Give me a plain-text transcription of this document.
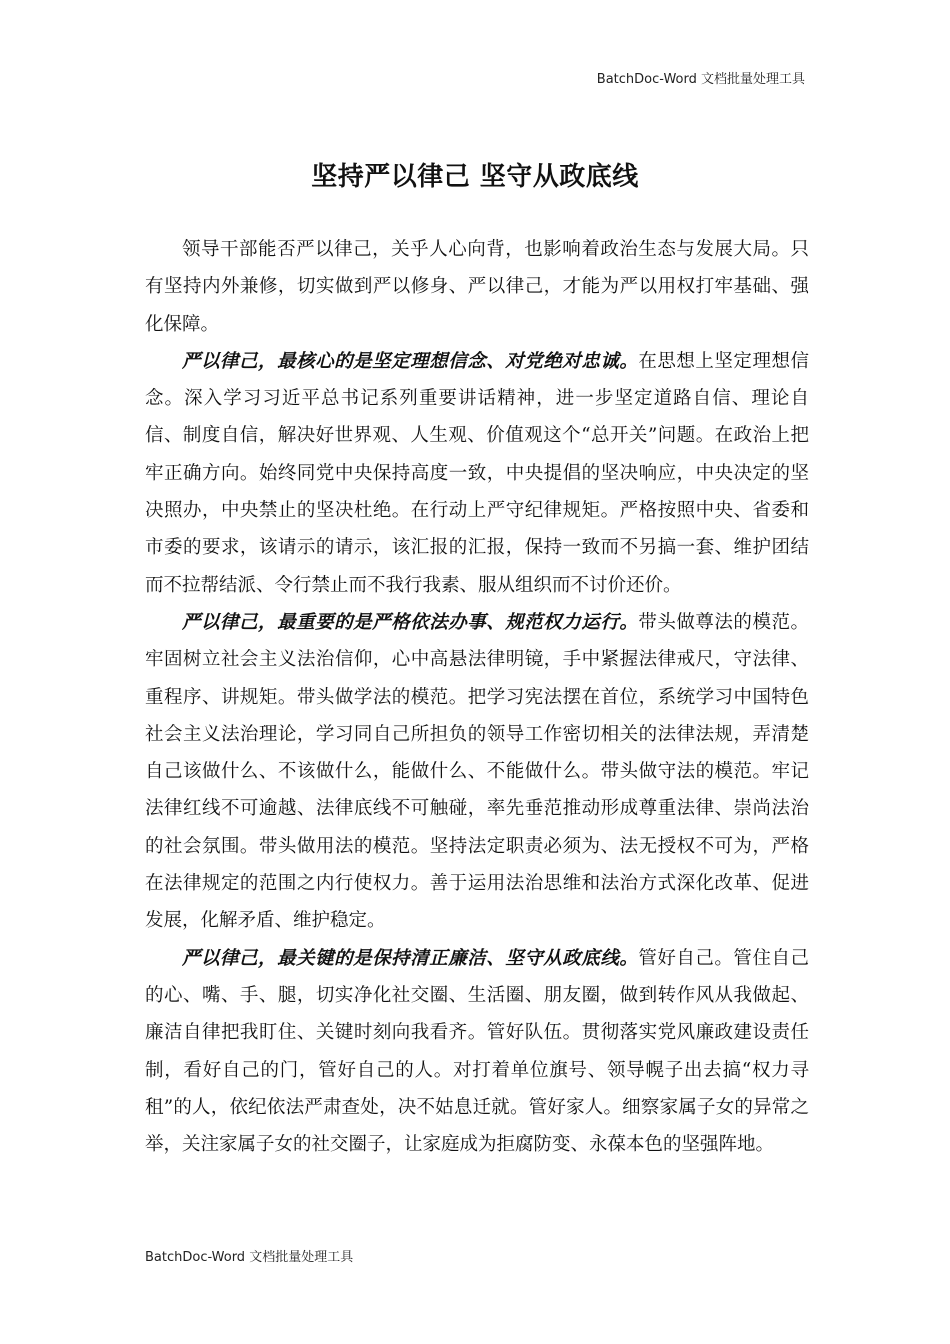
BatchDoc-Word 文档批量处理工具
坚持严以律己 坚守从政底线

领导干部能否严以律己，关乎人心向背，也影响着政治生态与发展大局。只有坚持内外兼修，切实做到严以修身、严以律己，才能为严以用权打牢基础、强化保障。

严以律己，最核心的是坚定理想信念、对党绝对忠诚。在思想上坚定理想信念。深入学习习近平总书记系列重要讲话精神，进一步坚定道路自信、理论自信、制度自信，解决好世界观、人生观、价值观这个“总开关”问题。在政治上把牢正确方向。始终同党中央保持高度一致，中央提倡的坚决响应，中央决定的坚决照办，中央禁止的坚决杜绝。在行动上严守纪律规矩。严格按照中央、省委和市委的要求，该请示的请示，该汇报的汇报，保持一致而不另搞一套、维护团结而不拉帮结派、令行禁止而不我行我素、服从组织而不讨价还价。

严以律己，最重要的是严格依法办事、规范权力运行。带头做尊法的模范。牢固树立社会主义法治信仰，心中高悬法律明镜，手中紧握法律戒尺，守法律、重程序、讲规矩。带头做学法的模范。把学习宪法摆在首位，系统学习中国特色社会主义法治理论，学习同自己所担负的领导工作密切相关的法律法规，弄清楚自己该做什么、不该做什么，能做什么、不能做什么。带头做守法的模范。牢记法律红线不可逾越、法律底线不可触碰，率先垂范推动形成尊重法律、崇尚法治的社会氛围。带头做用法的模范。坚持法定职责必须为、法无授权不可为，严格在法律规定的范围之内行使权力。善于运用法治思维和法治方式深化改革、促进发展，化解矛盾、维护稳定。

严以律己，最关键的是保持清正廉洁、坚守从政底线。管好自己。管住自己的心、嘴、手、腿，切实净化社交圈、生活圈、朋友圈，做到转作风从我做起、廉洁自律把我盯住、关键时刻向我看齐。管好队伍。贯彻落实党风廉政建设责任制，看好自己的门，管好自己的人。对打着单位旗号、领导幌子出去搞“权力寻租”的人，依纪依法严肃查处，决不姑息迁就。管好家人。细察家属子女的异常之举，关注家属子女的社交圈子，让家庭成为拒腐防变、永葆本色的坚强阵地。

BatchDoc-Word 文档批量处理工具
